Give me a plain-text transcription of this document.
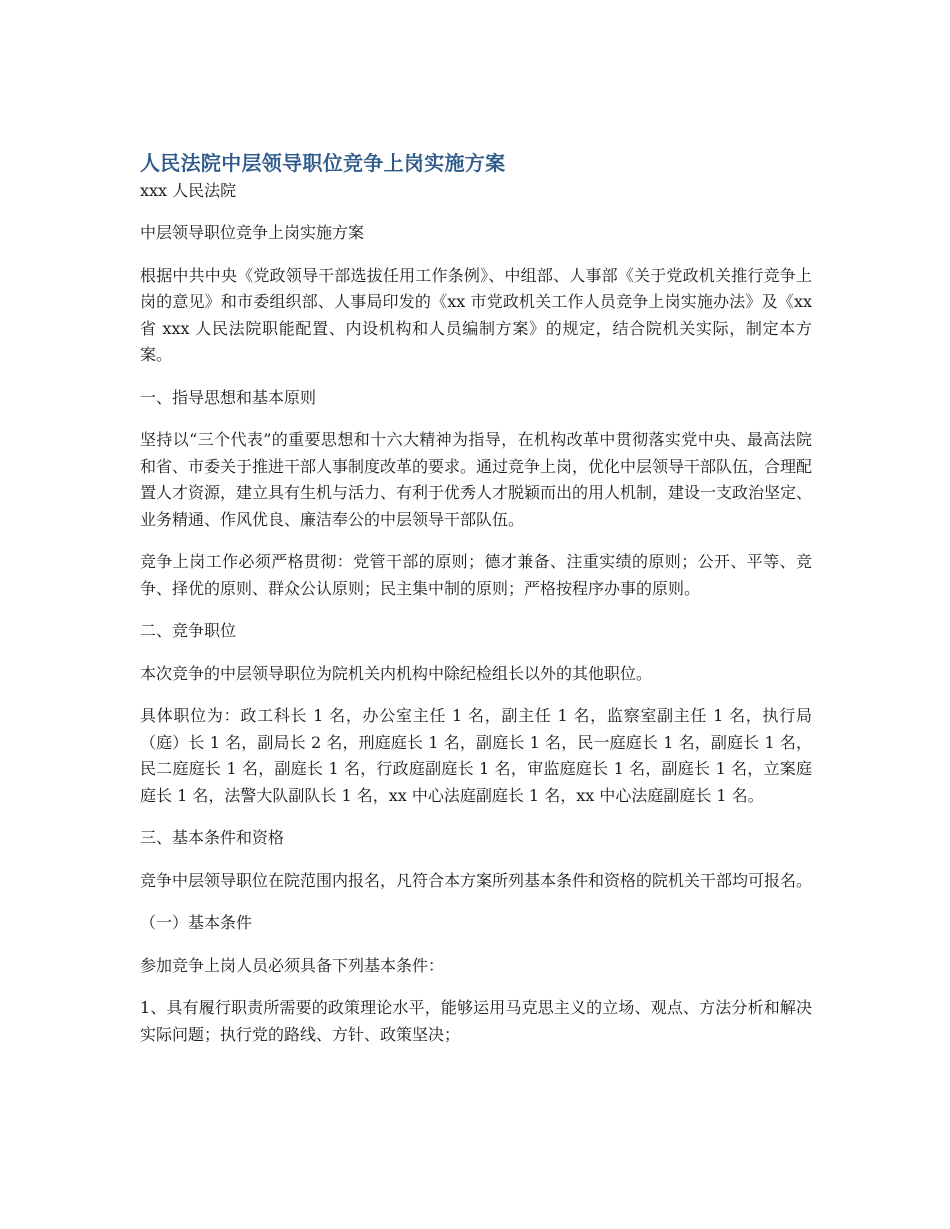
人民法院中层领导职位竞争上岗实施方案

xxx 人民法院

中层领导职位竞争上岗实施方案

根据中共中央《党政领导干部选拔任用工作条例》、中组部、人事部《关于党政机关推行竞争上岗的意见》和市委组织部、人事局印发的《xx 市党政机关工作人员竞争上岗实施办法》及《xx 省 xxx 人民法院职能配置、内设机构和人员编制方案》的规定，结合院机关实际，制定本方案。

一、指导思想和基本原则

坚持以“三个代表”的重要思想和十六大精神为指导，在机构改革中贯彻落实党中央、最高法院和省、市委关于推进干部人事制度改革的要求。通过竞争上岗，优化中层领导干部队伍，合理配置人才资源，建立具有生机与活力、有利于优秀人才脱颖而出的用人机制，建设一支政治坚定、业务精通、作风优良、廉洁奉公的中层领导干部队伍。

竞争上岗工作必须严格贯彻：党管干部的原则；德才兼备、注重实绩的原则；公开、平等、竞争、择优的原则、群众公认原则；民主集中制的原则；严格按程序办事的原则。

二、竞争职位

本次竞争的中层领导职位为院机关内机构中除纪检组长以外的其他职位。

具体职位为：政工科长 1 名，办公室主任 1 名，副主任 1 名，监察室副主任 1 名，执行局（庭）长 1 名，副局长 2 名，刑庭庭长 1 名，副庭长 1 名，民一庭庭长 1 名，副庭长 1 名，民二庭庭长 1 名，副庭长 1 名，行政庭副庭长 1 名，审监庭庭长 1 名，副庭长 1 名，立案庭庭长 1 名，法警大队副队长 1 名，xx 中心法庭副庭长 1 名，xx 中心法庭副庭长 1 名。

三、基本条件和资格

竞争中层领导职位在院范围内报名，凡符合本方案所列基本条件和资格的院机关干部均可报名。

（一）基本条件

参加竞争上岗人员必须具备下列基本条件：

1、具有履行职责所需要的政策理论水平，能够运用马克思主义的立场、观点、方法分析和解决实际问题；执行党的路线、方针、政策坚决；
